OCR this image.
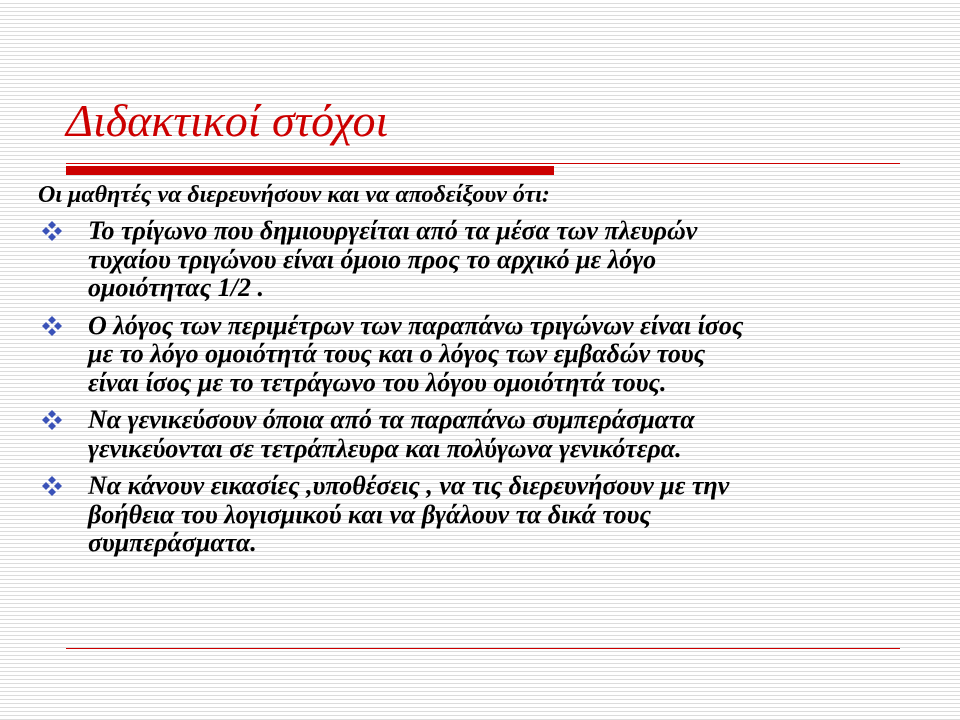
Διδακτικοί στόχοι

Οι μαθητές να διερευνήσουν και να αποδείξουν ότι:

Το τρίγωνο που δημιουργείται από τα μέσα των πλευρών
τυχαίου τριγώνου είναι όμοιο προς το αρχικό με λόγο
ομοιότητας 1/2 .
Ο λόγος των περιμέτρων των παραπάνω τριγώνων είναι ίσος
με το λόγο ομοιότητά τους και ο λόγος των εμβαδών τους
είναι ίσος με το τετράγωνο του λόγου ομοιότητά τους.
Να γενικεύσουν όποια από τα παραπάνω συμπεράσματα
γενικεύονται σε τετράπλευρα και πολύγωνα γενικότερα.
Να κάνουν εικασίες ,υποθέσεις , να τις διερευνήσουν με την
βοήθεια του λογισμικού και να βγάλουν τα δικά τους
συμπεράσματα.
